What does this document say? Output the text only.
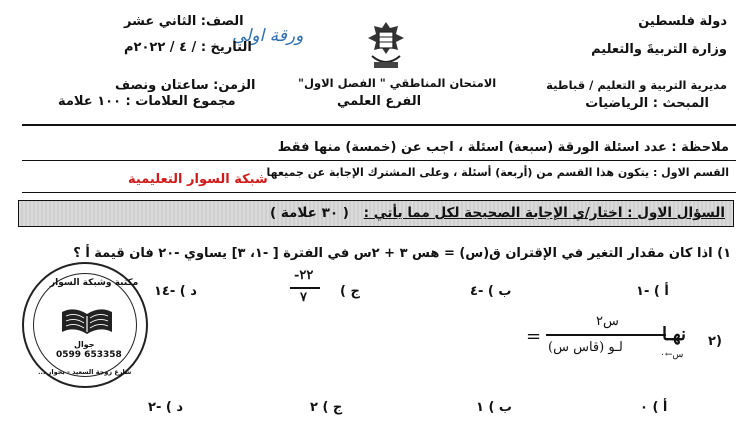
دولة فلسطين
وزارة التربيةَ والتعليم
مديرية التربية و التعليم / قباطية
المبحث : الرياضيات
ورقة اولى
الامتحان المناطقي " الفصل الاول"
الفرع العلمي
الصف: الثاني عشر
التاريخ : / ٤ / ٢٠٢٢م
الزمن: ساعتان ونصف
مجموع العلامات : ١٠٠ علامة
ملاحظة : عدد اسئلة الورقة (سبعة) اسئلة ، اجب عن (خمسة) منها فقط
القسم الاول : يتكون هذا القسم من (أربعة) أسئلة ، وعلى المشترك الإجابة عن جميعها
شبكة السوار التعليمية
السؤال الاول : اختار/ي الإجابة الصحيحة لكل مما يأتي :
( ٣٠ علامة )
١) اذا كان مقدار التغير في الإقتران ق(س) = هس ٣ + ٢س في الفترة [ -١، ٣] يساوي -٢٠ فان قيمة أ ؟
أ ) -١
ب ) -٤
ج )
-٢٢
٧
د ) -١٤
٢)
=
س٢
لـو (قاس س)
نهـا
س←٠
أ ) ٠
ب ) ١
ج ) ٢
د ) -٢
مكتبة وشبكة السوار
جوال
0599 653358
شارع زوجة السعيد - بحوار ...
